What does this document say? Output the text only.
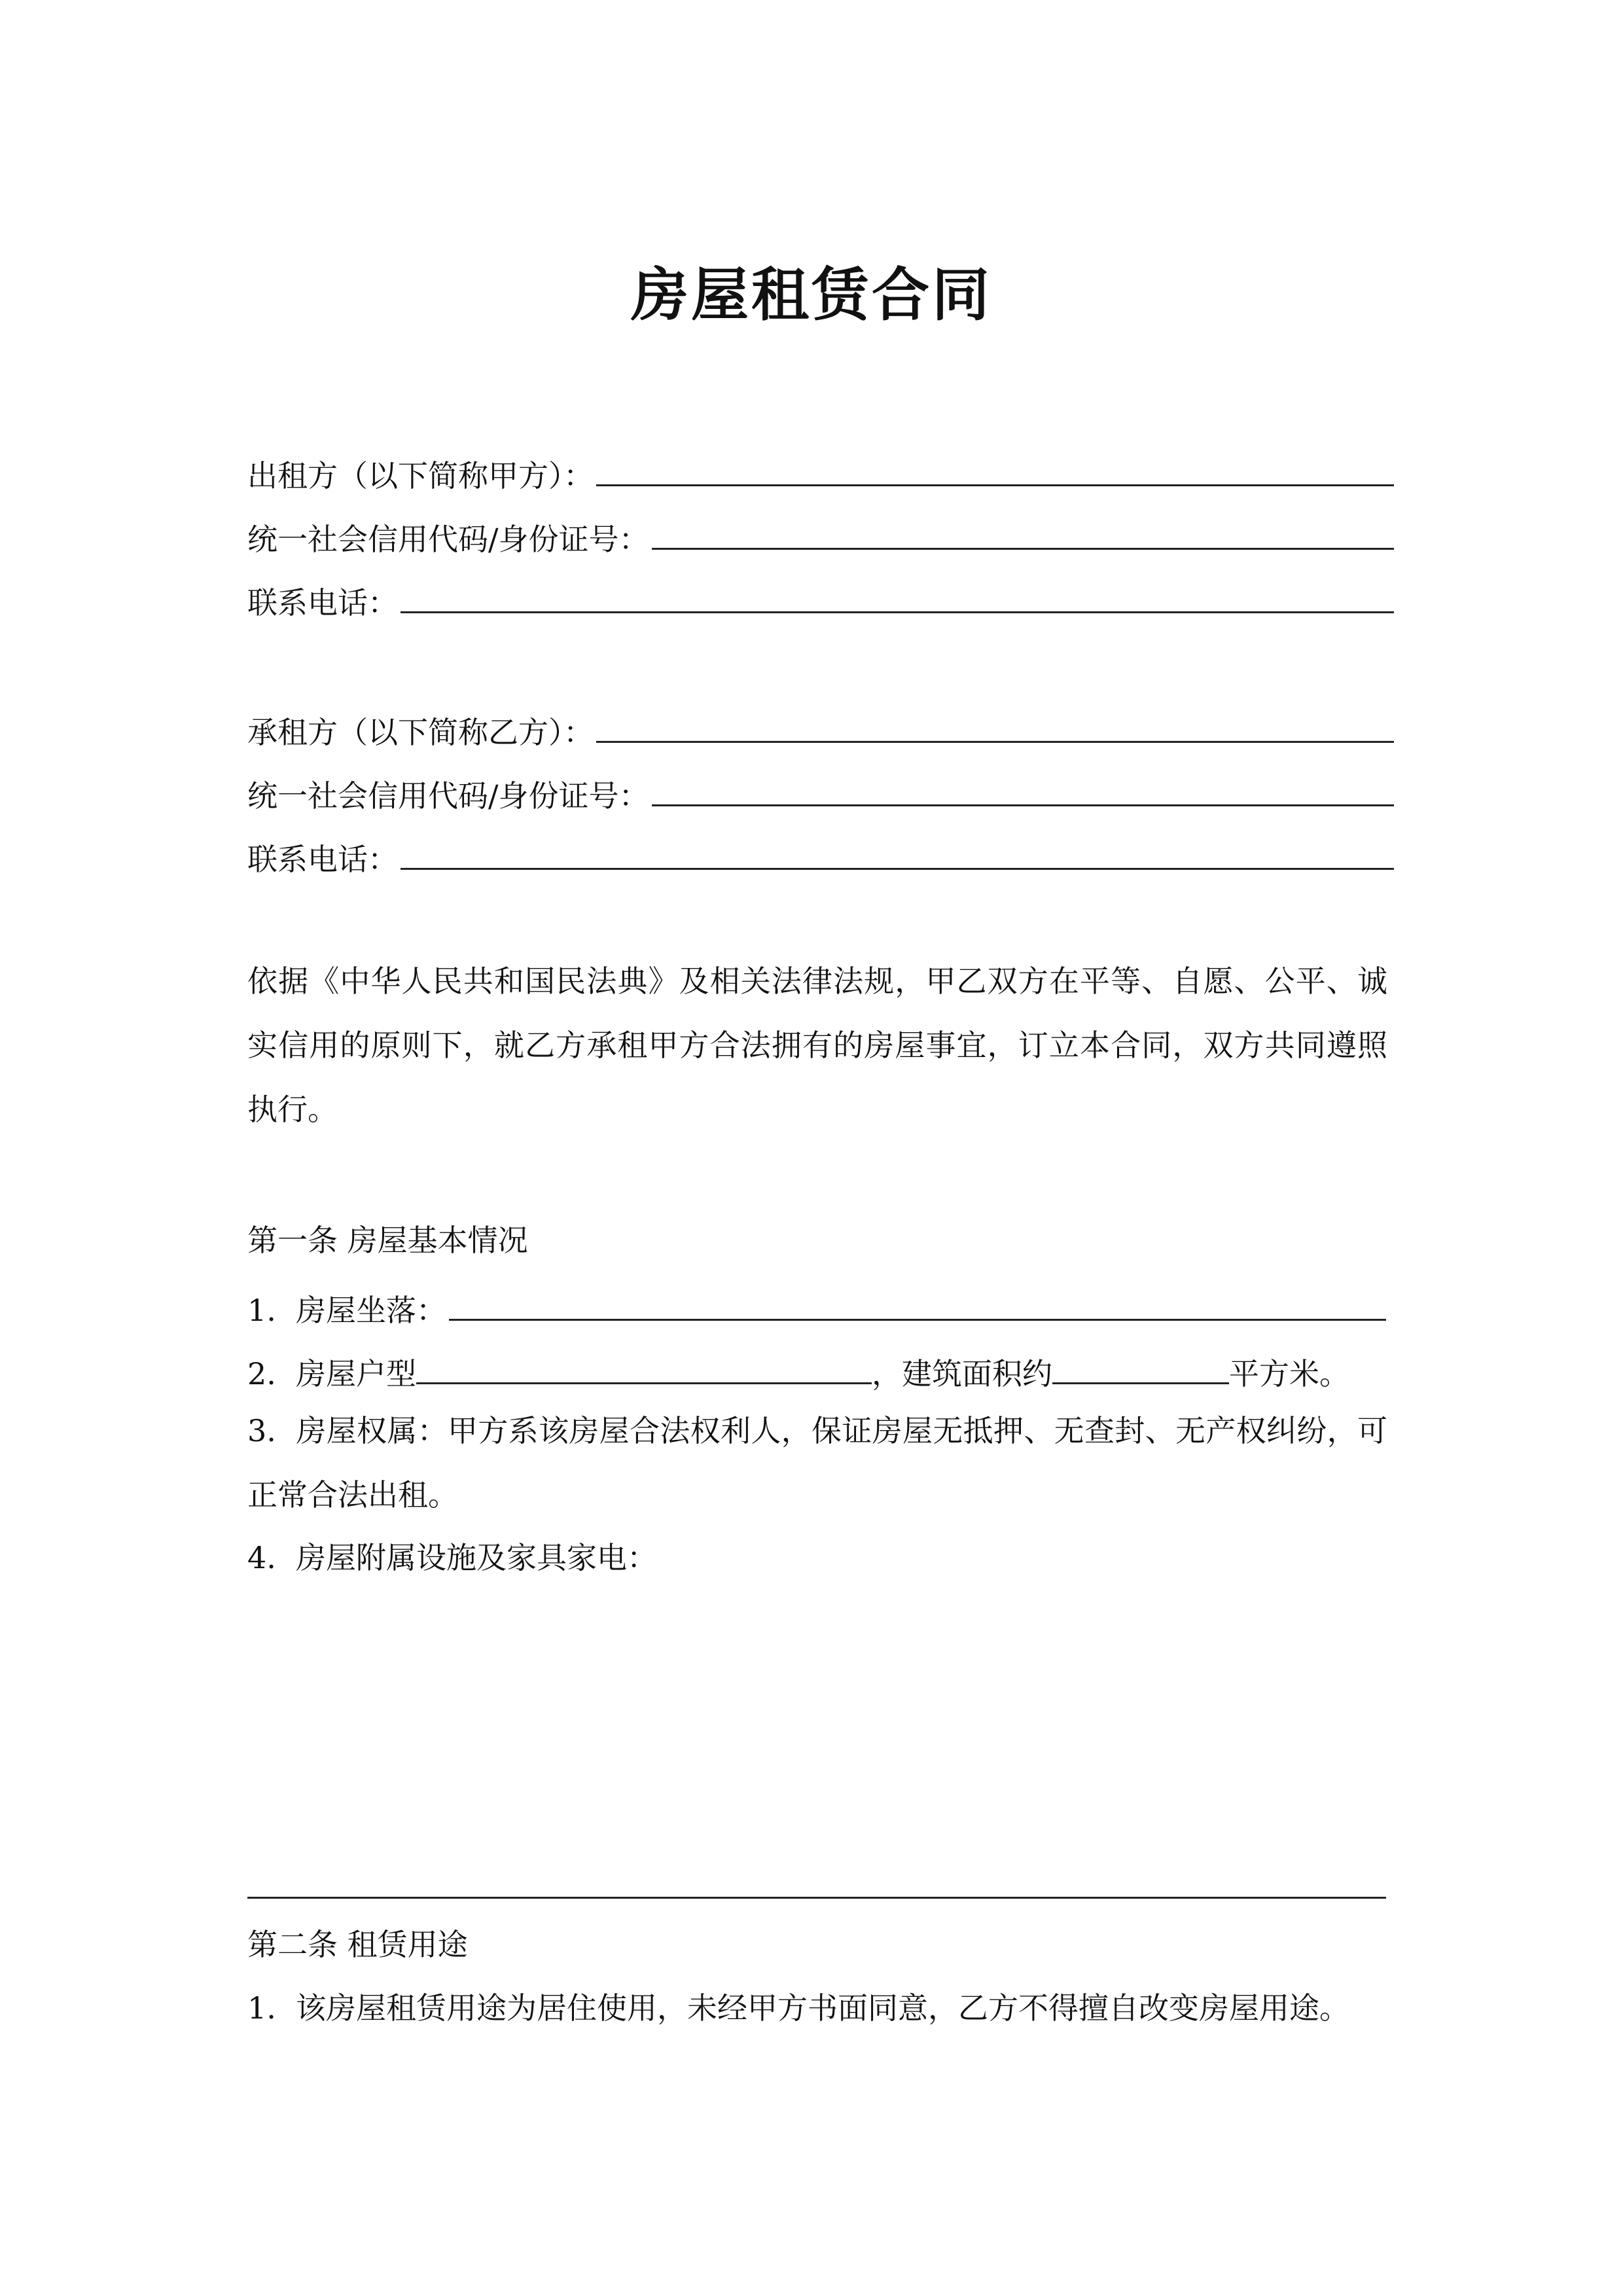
房屋租赁合同
出租方（以下简称甲方）：
统一社会信用代码/身份证号：
联系电话：
承租方（以下简称乙方）：
统一社会信用代码/身份证号：
联系电话：
依据《中华人民共和国民法典》及相关法律法规，甲乙双方在平等、自愿、公平、诚实信用的原则下，就乙方承租甲方合法拥有的房屋事宜，订立本合同，双方共同遵照执行。
第一条 房屋基本情况
1. 房屋坐落：
2. 房屋户型	，建筑面积约	平方米。
3. 房屋权属：甲方系该房屋合法权利人，保证房屋无抵押、无查封、无产权纠纷，可正常合法出租。
4. 房屋附属设施及家具家电：
第二条 租赁用途
1. 该房屋租赁用途为居住使用，未经甲方书面同意，乙方不得擅自改变房屋用途。
